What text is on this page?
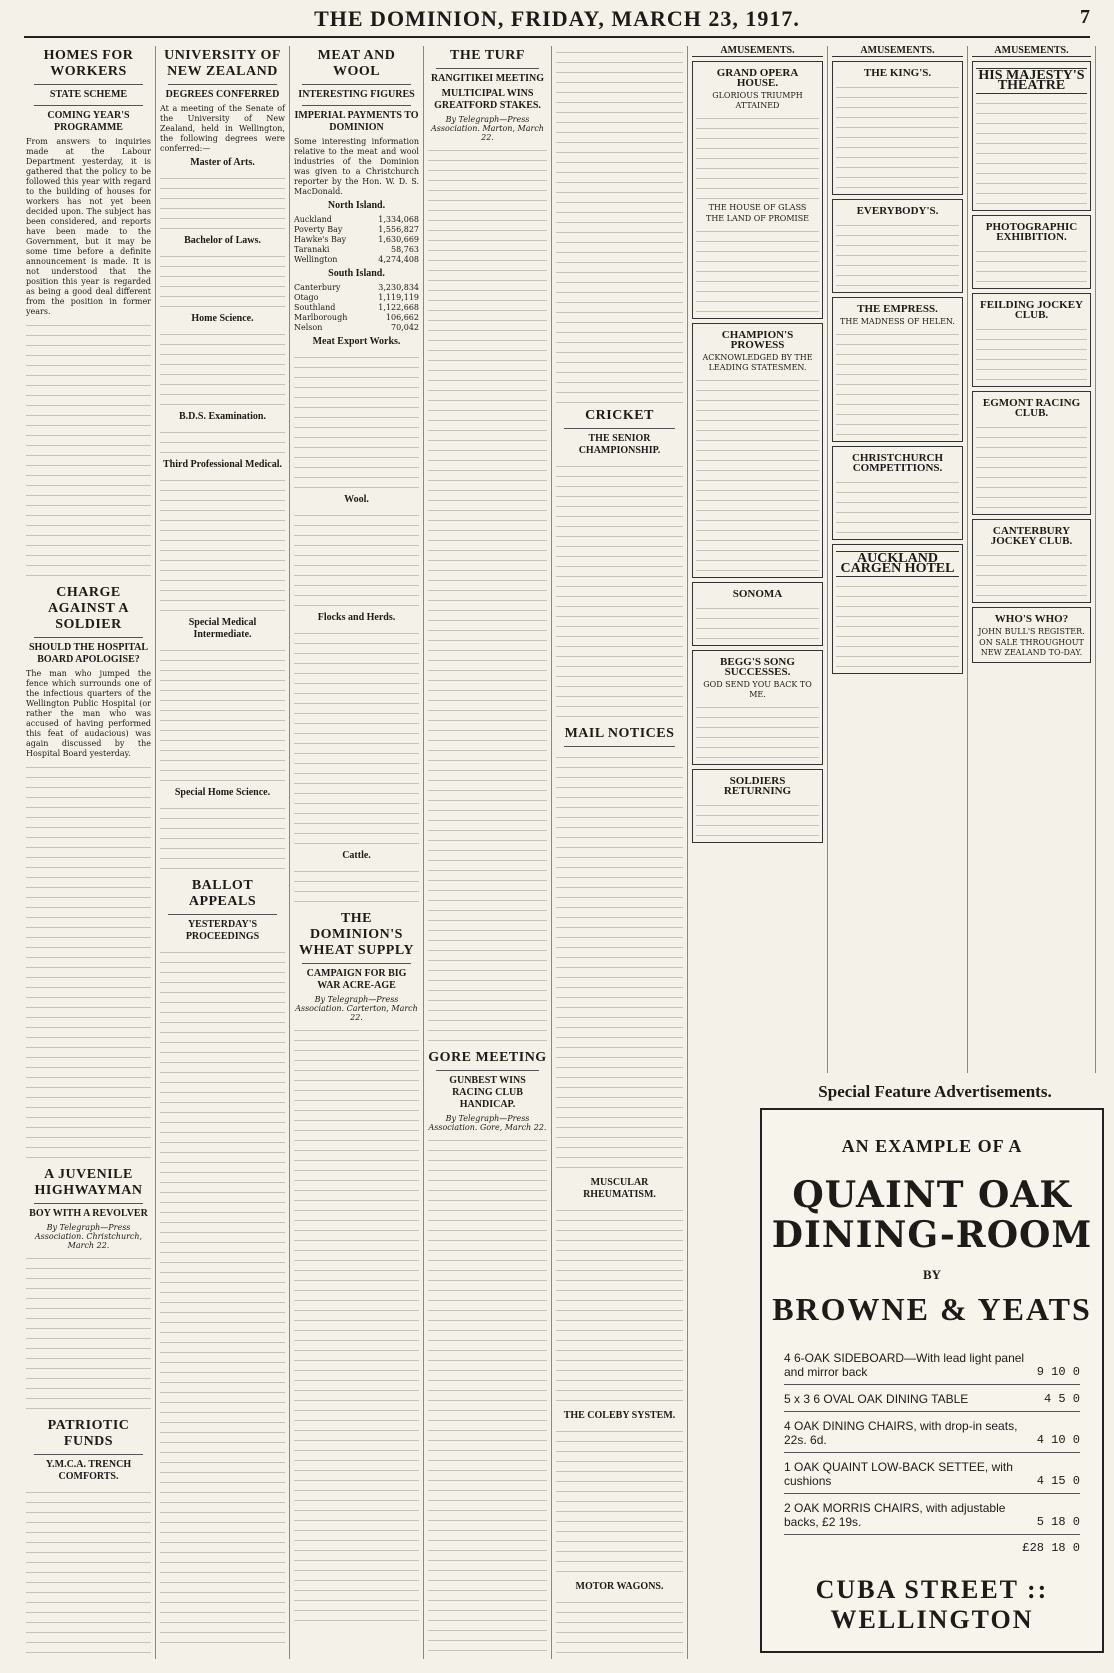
THE DOMINION, FRIDAY, MARCH 23, 1917.	7
HOMES FOR WORKERS
STATE SCHEME
COMING YEAR'S PROGRAMME
From answers to inquiries made at the Labour Department yesterday, it is gathered that the policy to be followed this year with regard to the building of houses for workers has not yet been decided upon. The subject has been considered, and reports have been made to the Government, but it may be some time before a definite announcement is made. It is not understood that the position this year is regarded as being a good deal different from the position in former years.
CHARGE AGAINST A SOLDIER
SHOULD THE HOSPITAL BOARD APOLOGISE?
The man who jumped the fence which surrounds one of the infectious quarters of the Wellington Public Hospital (or rather the man who was accused of having performed this feat of audacious) was again discussed by the Hospital Board yesterday.
A JUVENILE HIGHWAYMAN
BOY WITH A REVOLVER
By Telegraph—Press Association. Christchurch, March 22.
PATRIOTIC FUNDS
Y.M.C.A. TRENCH COMFORTS.
UNIVERSITY OF NEW ZEALAND
DEGREES CONFERRED
At a meeting of the Senate of the University of New Zealand, held in Wellington, the following degrees were conferred:—
Master of Arts.
Bachelor of Laws.
Home Science.
B.D.S. Examination.
Third Professional Medical.
Special Medical Intermediate.
Special Home Science.
BALLOT APPEALS
YESTERDAY'S PROCEEDINGS
MEAT AND WOOL
INTERESTING FIGURES
IMPERIAL PAYMENTS TO DOMINION
Some interesting information relative to the meat and wool industries of the Dominion was given to a Christchurch reporter by the Hon. W. D. S. MacDonald.
North Island.
Auckland	1,334,068
Poverty Bay	1,556,827
Hawke's Bay	1,630,669
Taranaki	58,763
Wellington	4,274,408
South Island.
Canterbury	3,230,834
Otago	1,119,119
Southland	1,122,668
Marlborough	106,662
Nelson	70,042
Meat Export Works.
Wool.
Flocks and Herds.
Cattle.
THE DOMINION'S WHEAT SUPPLY
CAMPAIGN FOR BIG WAR ACRE-AGE
By Telegraph—Press Association. Carterton, March 22.
THE TURF
RANGITIKEI MEETING
MULTICIPAL WINS GREATFORD STAKES.
By Telegraph—Press Association. Marton, March 22.
GORE MEETING
GUNBEST WINS RACING CLUB HANDICAP.
By Telegraph—Press Association. Gore, March 22.
CRICKET
THE SENIOR CHAMPIONSHIP.
MAIL NOTICES
MUSCULAR RHEUMATISM.
THE COLEBY SYSTEM.
MOTOR WAGONS.
AMUSEMENTS.
GRAND OPERA HOUSE.
GLORIOUS TRIUMPH ATTAINED
THE HOUSE OF GLASS
THE LAND OF PROMISE
CHAMPION'S PROWESS
ACKNOWLEDGED BY THE LEADING STATESMEN.
SONOMA
BEGG'S SONG SUCCESSES.
GOD SEND YOU BACK TO ME.
SOLDIERS RETURNING
AMUSEMENTS.
THE KING'S.
EVERYBODY'S.
THE EMPRESS.
THE MADNESS OF HELEN.
CHRISTCHURCH COMPETITIONS.
AUCKLAND CARGEN HOTEL
AMUSEMENTS.
HIS MAJESTY'S THEATRE
PHOTOGRAPHIC EXHIBITION.
FEILDING JOCKEY CLUB.
EGMONT RACING CLUB.
CANTERBURY JOCKEY CLUB.
WHO'S WHO?
JOHN BULL'S REGISTER.
ON SALE THROUGHOUT NEW ZEALAND TO-DAY.
Special Feature Advertisements.
AN EXAMPLE OF A
QUAINT OAK DINING-ROOM
BY
BROWNE & YEATS
4 6-OAK SIDEBOARD—With lead light panel and mirror back	9 10 0
5 x 3 6 OVAL OAK DINING TABLE	4 5 0
4 OAK DINING CHAIRS, with drop-in seats, 22s. 6d.	4 10 0
1 OAK QUAINT LOW-BACK SETTEE, with cushions	4 15 0
2 OAK MORRIS CHAIRS, with adjustable backs, £2 19s.	5 18 0
£28 18 0
CUBA STREET :: WELLINGTON
